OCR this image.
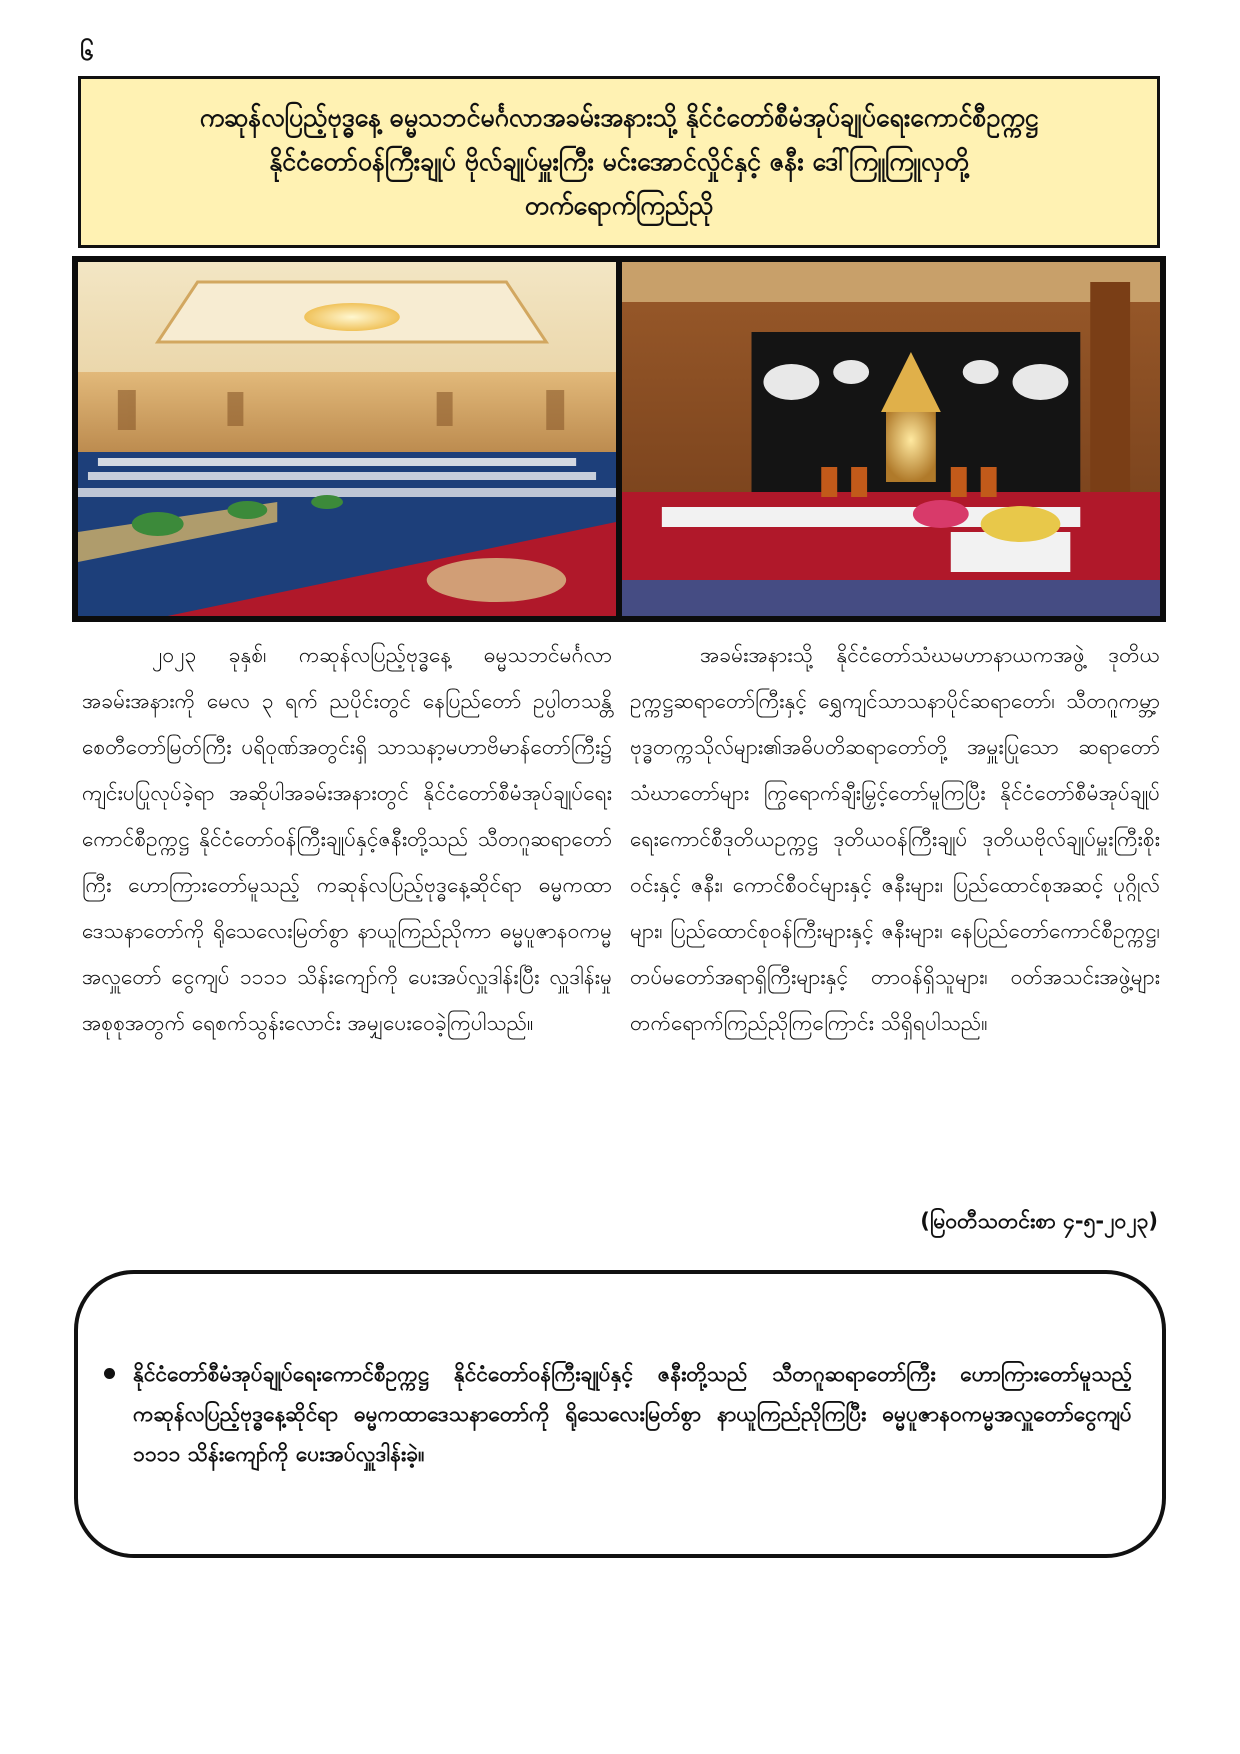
၆
ကဆုန်လပြည့်ဗုဒ္ဓနေ့ ဓမ္မသဘင်မင်္ဂလာအခမ်းအနားသို့ နိုင်ငံတော်စီမံအုပ်ချုပ်ရေးကောင်စီဥက္ကဋ္ဌ
နိုင်ငံတော်ဝန်ကြီးချုပ် ဗိုလ်ချုပ်မှူးကြီး မင်းအောင်လှိုင်နှင့် ဇနီး ဒေါ်ကြူကြူလှတို့
တက်ရောက်ကြည်ညို
၂၀၂၃ ခုနှစ်၊ ကဆုန်လပြည့်ဗုဒ္ဓနေ့ ဓမ္မသဘင်မင်္ဂလာ အခမ်းအနားကို မေလ ၃ ရက် ညပိုင်းတွင် နေပြည်တော် ဥပ္ပါတသန္တိစေတီတော်မြတ်ကြီး ပရိဝုဏ်အတွင်းရှိ သာသနာ့မဟာဗိမာန်တော်ကြီး၌ ကျင်းပပြုလုပ်ခဲ့ရာ အဆိုပါအခမ်းအနားတွင် နိုင်ငံတော်စီမံအုပ်ချုပ်ရေးကောင်စီဥက္ကဋ္ဌ နိုင်ငံတော်ဝန်ကြီးချုပ်နှင့်ဇနီးတို့သည် သီတဂူဆရာတော်ကြီး ဟောကြားတော်မူသည့် ကဆုန်လပြည့်ဗုဒ္ဓနေ့ဆိုင်ရာ ဓမ္မကထာဒေသနာတော်ကို ရိုသေလေးမြတ်စွာ နာယူကြည်ညိုကာ ဓမ္မပူဇာနဝကမ္မအလှူတော် ငွေကျပ် ၁၁၁၁ သိန်းကျော်ကို ပေးအပ်လှူဒါန်းပြီး လှူဒါန်းမှုအစုစုအတွက် ရေစက်သွန်းလောင်း အမျှပေးဝေခဲ့ကြပါသည်။
အခမ်းအနားသို့ နိုင်ငံတော်သံဃမဟာနာယကအဖွဲ့ ဒုတိယဥက္ကဋ္ဌဆရာတော်ကြီးနှင့် ရွှေကျင်သာသနာပိုင်ဆရာတော်၊ သီတဂူကမ္ဘာ့ဗုဒ္ဓတက္ကသိုလ်များ၏အဓိပတိဆရာတော်တို့ အမှူးပြုသော ဆရာတော်သံဃာတော်များ ကြွရောက်ချီးမြှင့်တော်မူကြပြီး နိုင်ငံတော်စီမံအုပ်ချုပ်ရေးကောင်စီဒုတိယဥက္ကဋ္ဌ ဒုတိယဝန်ကြီးချုပ် ဒုတိယဗိုလ်ချုပ်မှူးကြီးစိုးဝင်းနှင့် ဇနီး၊ ကောင်စီဝင်များနှင့် ဇနီးများ၊ ပြည်ထောင်စုအဆင့် ပုဂ္ဂိုလ်များ၊ ပြည်ထောင်စုဝန်ကြီးများနှင့် ဇနီးများ၊ နေပြည်တော်ကောင်စီဥက္ကဋ္ဌ၊ တပ်မတော်အရာရှိကြီးများနှင့် တာဝန်ရှိသူများ၊ ဝတ်အသင်းအဖွဲ့များ တက်ရောက်ကြည်ညိုကြကြောင်း သိရှိရပါသည်။
(မြဝတီသတင်းစာ ၄-၅-၂၀၂၃)
နိုင်ငံတော်စီမံအုပ်ချုပ်ရေးကောင်စီဥက္ကဋ္ဌ နိုင်ငံတော်ဝန်ကြီးချုပ်နှင့် ဇနီးတို့သည် သီတဂူဆရာတော်ကြီး ဟောကြားတော်မူသည့် ကဆုန်လပြည့်ဗုဒ္ဓနေ့ဆိုင်ရာ ဓမ္မကထာဒေသနာတော်ကို ရိုသေလေးမြတ်စွာ နာယူကြည်ညိုကြပြီး ဓမ္မပူဇာနဝကမ္မအလှူတော်ငွေကျပ် ၁၁၁၁ သိန်းကျော်ကို ပေးအပ်လှူဒါန်းခဲ့။
